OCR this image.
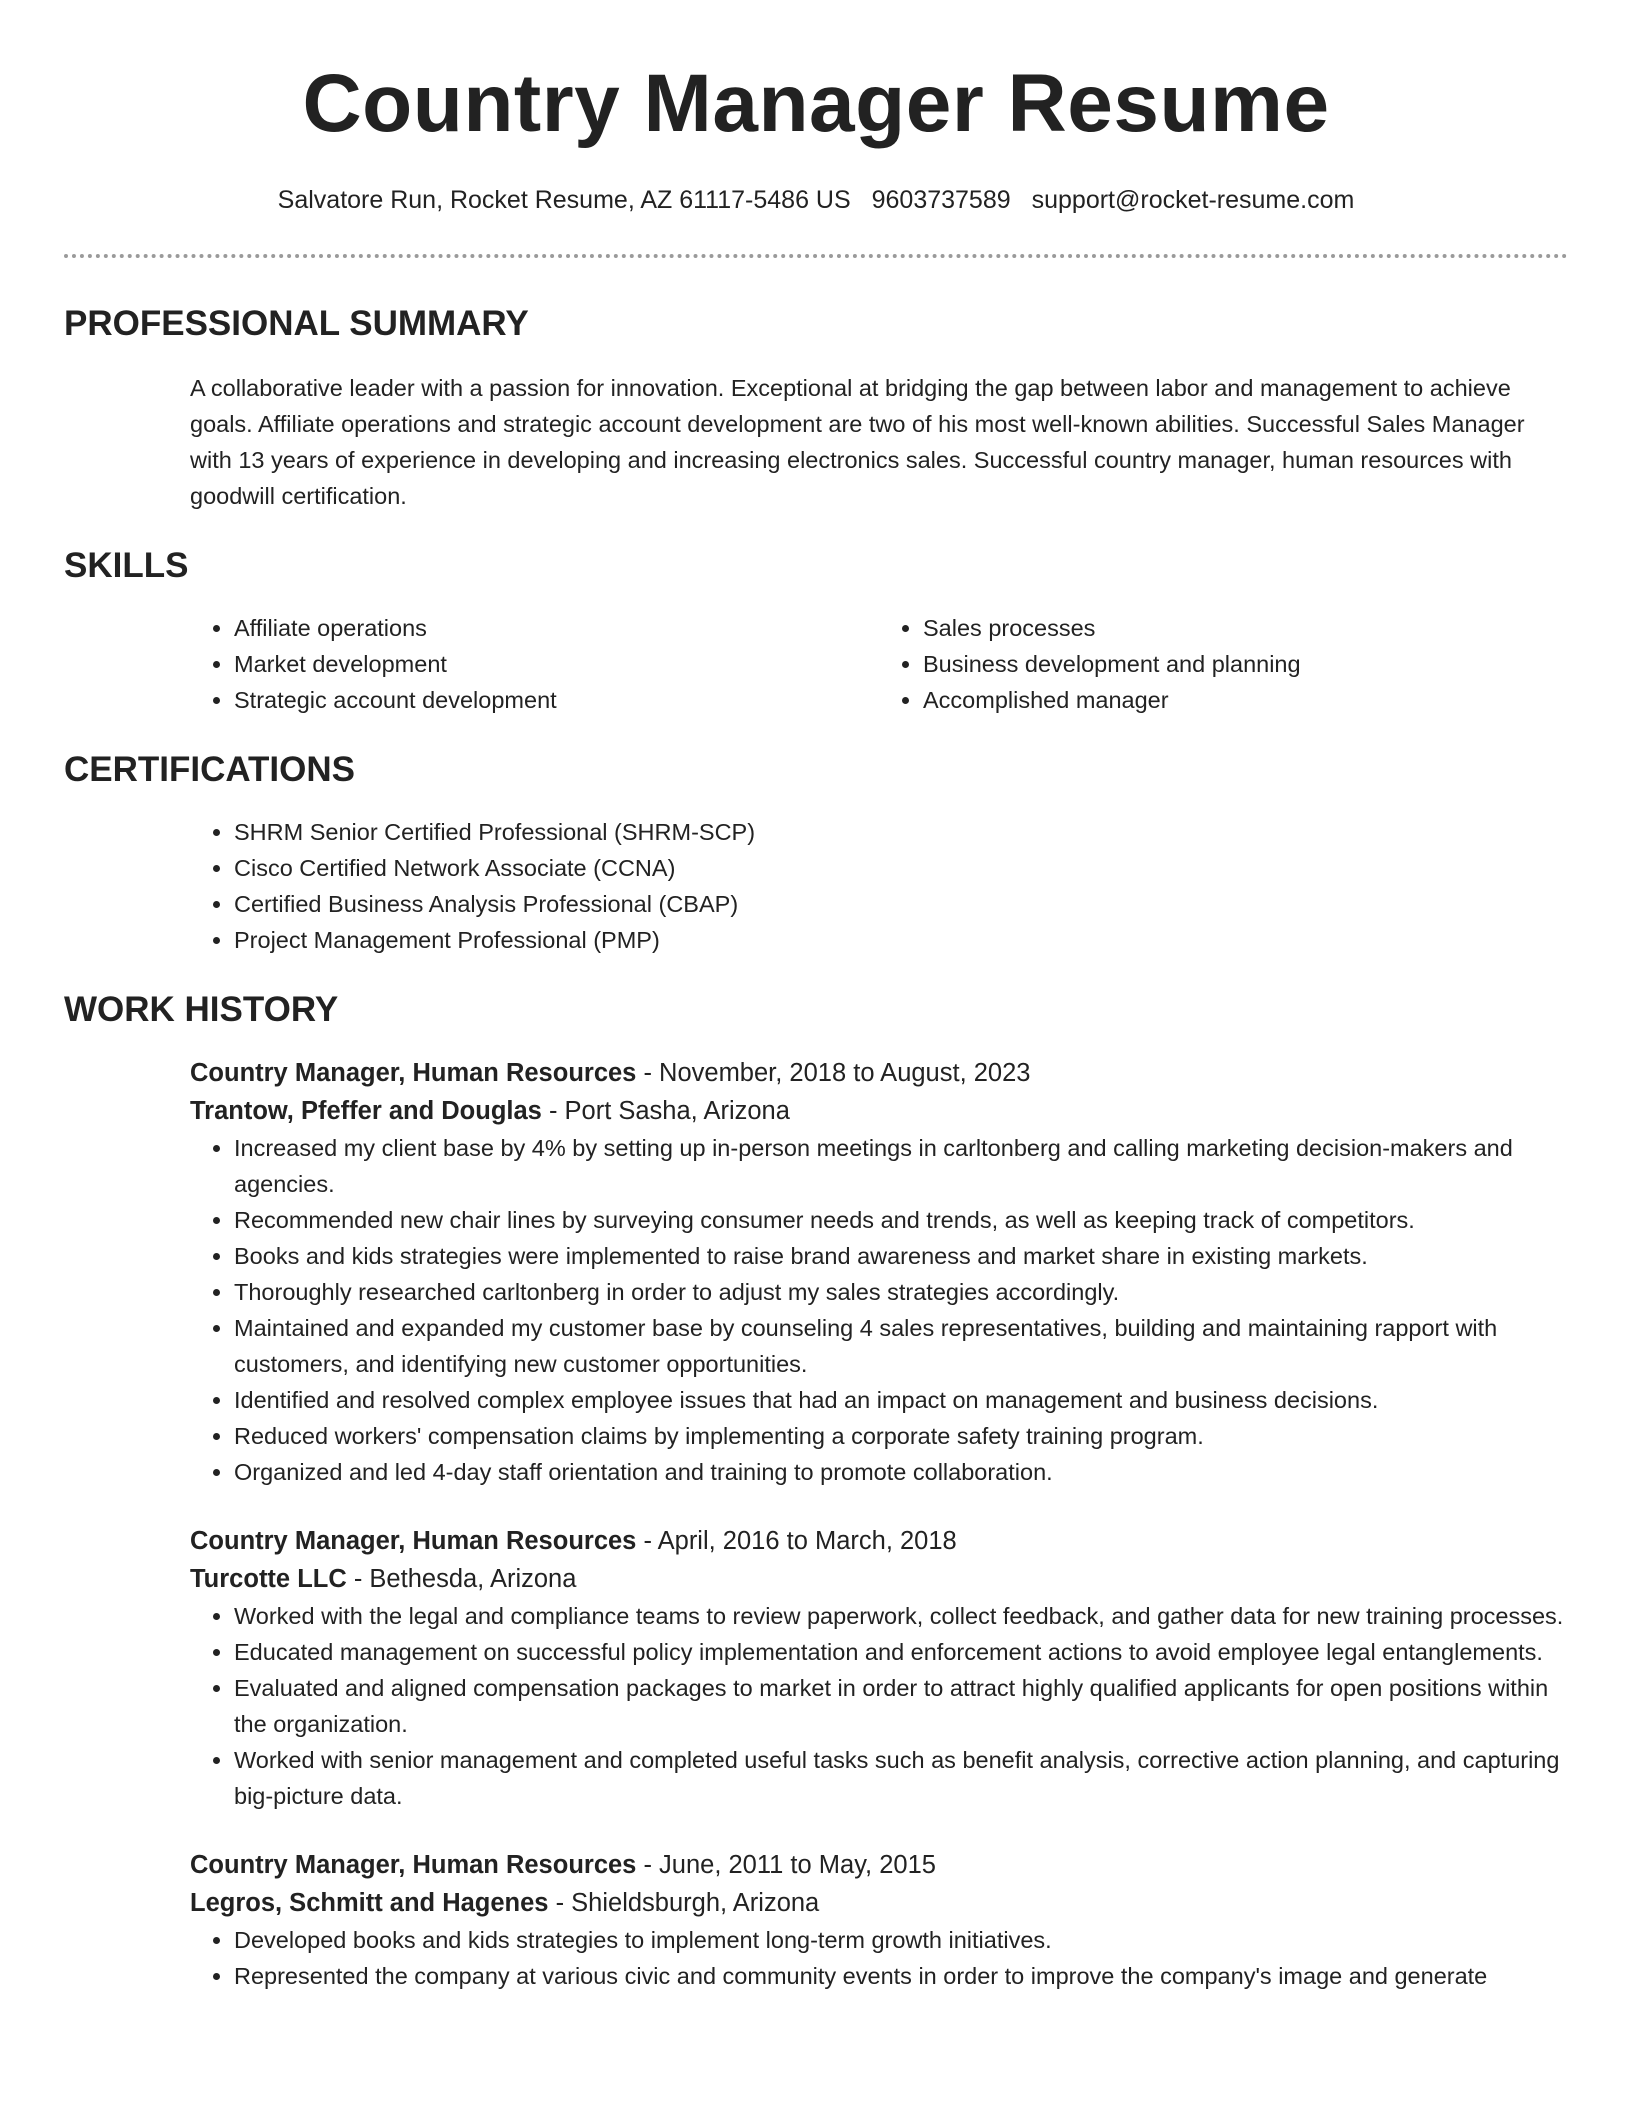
Country Manager Resume
Salvatore Run, Rocket Resume, AZ 61117-5486 US 9603737589 support@rocket-resume.com
PROFESSIONAL SUMMARY

A collaborative leader with a passion for innovation. Exceptional at bridging the gap between labor and management to achieve goals. Affiliate operations and strategic account development are two of his most well-known abilities. Successful Sales Manager with 13 years of experience in developing and increasing electronics sales. Successful country manager, human resources with goodwill certification.

SKILLS
• Affiliate operations
• Market development
• Strategic account development
• Sales processes
• Business development and planning
• Accomplished manager
CERTIFICATIONS
• SHRM Senior Certified Professional (SHRM-SCP)
• Cisco Certified Network Associate (CCNA)
• Certified Business Analysis Professional (CBAP)
• Project Management Professional (PMP)
WORK HISTORY
Country Manager, Human Resources - November, 2018 to August, 2023
Trantow, Pfeffer and Douglas - Port Sasha, Arizona
• Increased my client base by 4% by setting up in-person meetings in carltonberg and calling marketing decision-makers and agencies.
• Recommended new chair lines by surveying consumer needs and trends, as well as keeping track of competitors.
• Books and kids strategies were implemented to raise brand awareness and market share in existing markets.
• Thoroughly researched carltonberg in order to adjust my sales strategies accordingly.
• Maintained and expanded my customer base by counseling 4 sales representatives, building and maintaining rapport with customers, and identifying new customer opportunities.
• Identified and resolved complex employee issues that had an impact on management and business decisions.
• Reduced workers' compensation claims by implementing a corporate safety training program.
• Organized and led 4-day staff orientation and training to promote collaboration.
Country Manager, Human Resources - April, 2016 to March, 2018
Turcotte LLC - Bethesda, Arizona
• Worked with the legal and compliance teams to review paperwork, collect feedback, and gather data for new training processes.
• Educated management on successful policy implementation and enforcement actions to avoid employee legal entanglements.
• Evaluated and aligned compensation packages to market in order to attract highly qualified applicants for open positions within the organization.
• Worked with senior management and completed useful tasks such as benefit analysis, corrective action planning, and capturing big-picture data.
Country Manager, Human Resources - June, 2011 to May, 2015
Legros, Schmitt and Hagenes - Shieldsburgh, Arizona
• Developed books and kids strategies to implement long-term growth initiatives.
• Represented the company at various civic and community events in order to improve the company's image and generate
